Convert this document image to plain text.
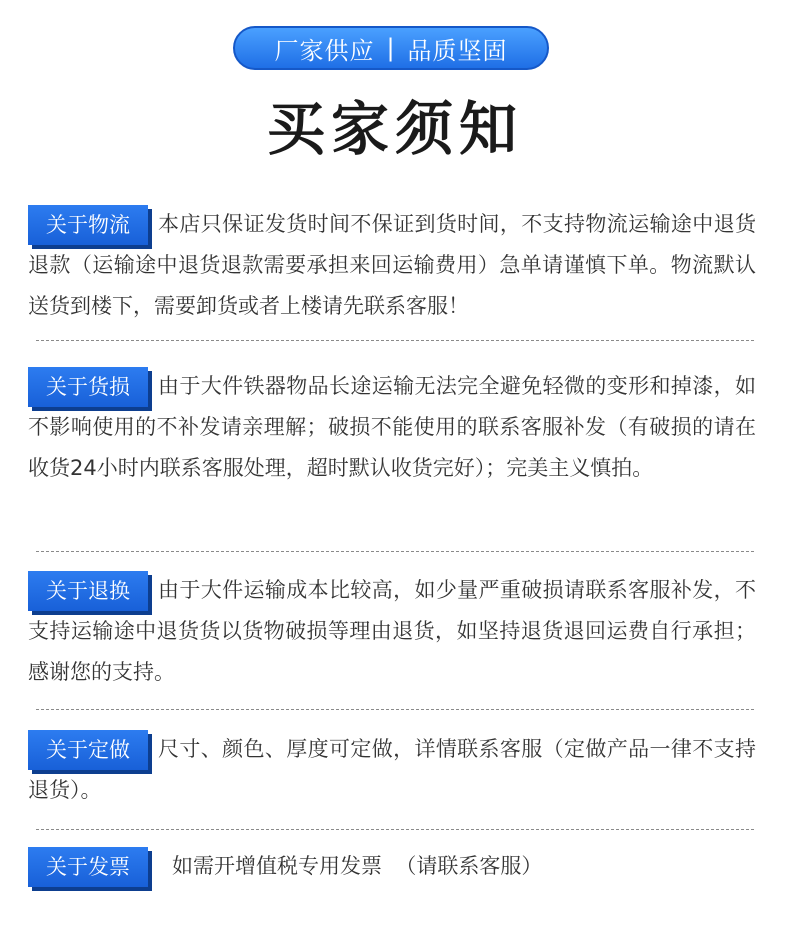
厂家供应 | 品质坚固
买家须知

关于物流	本店只保证发货时间不保证到货时间，不支持物流运输途中退货退款（运输途中退货退款需要承担来回运输费用）急单请谨慎下单。物流默认送货到楼下，需要卸货或者上楼请先联系客服！

关于货损	由于大件铁器物品长途运输无法完全避免轻微的变形和掉漆，如不影响使用的不补发请亲理解；破损不能使用的联系客服补发（有破损的请在收货24小时内联系客服处理，超时默认收货完好）；完美主义慎拍。

关于退换	由于大件运输成本比较高，如少量严重破损请联系客服补发，不支持运输途中退货货以货物破损等理由退货，如坚持退货退回运费自行承担；感谢您的支持。

关于定做	尺寸、颜色、厚度可定做，详情联系客服（定做产品一律不支持退货）。

关于发票	如需开增值税专用发票  （请联系客服）
